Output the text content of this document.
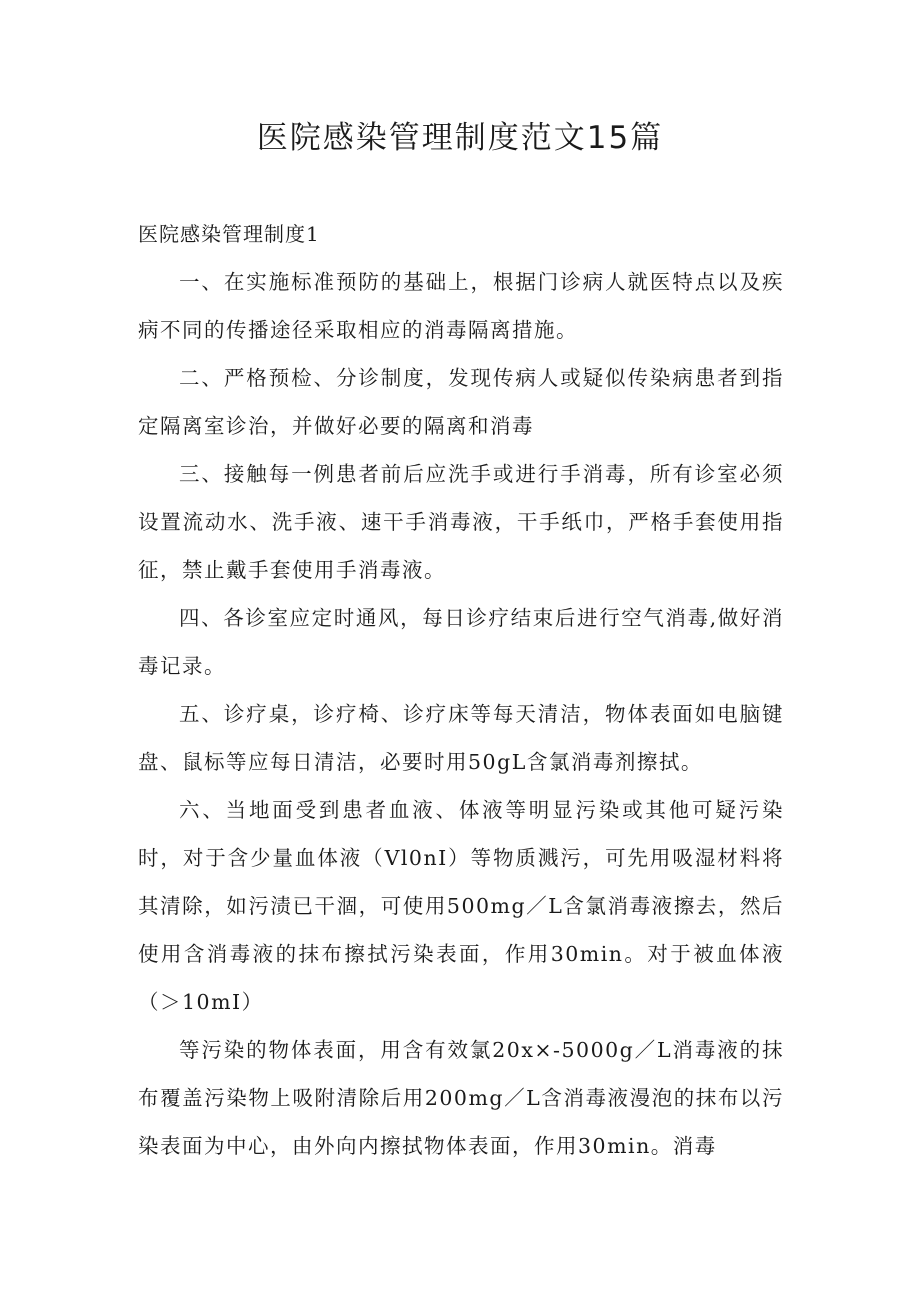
医院感染管理制度范文15篇
医院感染管理制度1

一、在实施标准预防的基础上，根据门诊病人就医特点以及疾病不同的传播途径采取相应的消毒隔离措施。

二、严格预检、分诊制度，发现传病人或疑似传染病患者到指定隔离室诊治，并做好必要的隔离和消毒

三、接触每一例患者前后应洗手或进行手消毒，所有诊室必须设置流动水、洗手液、速干手消毒液，干手纸巾，严格手套使用指征，禁止戴手套使用手消毒液。

四、各诊室应定时通风，每日诊疗结束后进行空气消毒,做好消毒记录。

五、诊疗桌，诊疗椅、诊疗床等每天清洁，物体表面如电脑键盘、鼠标等应每日清洁，必要时用50gL含氯消毒剂擦拭。

六、当地面受到患者血液、体液等明显污染或其他可疑污染时，对于含少量血体液（Vl0nI）等物质溅污，可先用吸湿材料将其清除，如污渍已干涸，可使用500mg／L含氯消毒液擦去，然后使用含消毒液的抹布擦拭污染表面，作用30min。对于被血体液（＞10mI）

等污染的物体表面，用含有效氯20x×-5000g／L消毒液的抹布覆盖污染物上吸附清除后用200mg／L含消毒液漫泡的抹布以污染表面为中心，由外向内擦拭物体表面，作用30min。消毒
